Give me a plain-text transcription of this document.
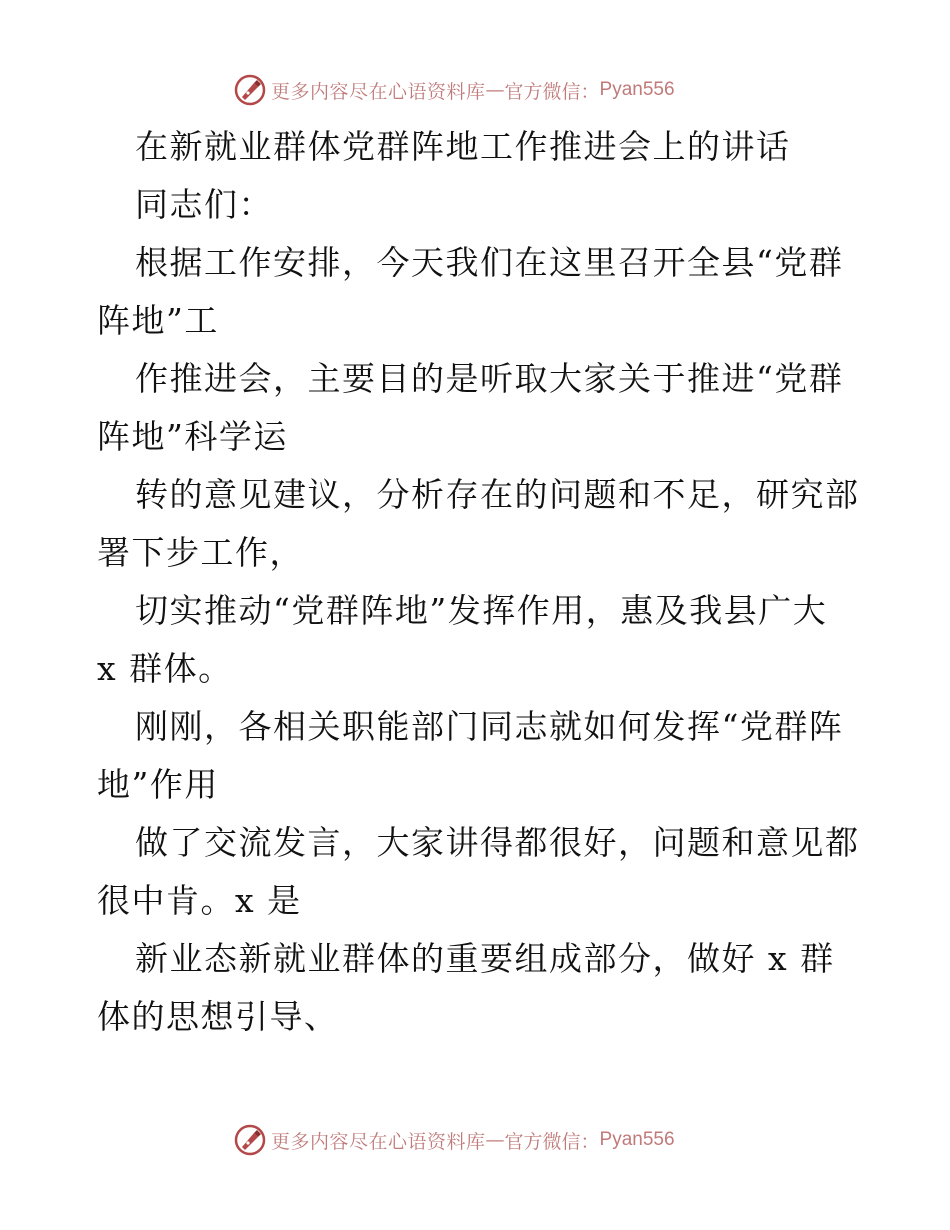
更多内容尽在心语资料库 — 官方微信： Pyan556
在新就业群体党群阵地工作推进会上的讲话
同志们：
根据工作安排，今天我们在这里召开全县“党群
阵地”工
作推进会，主要目的是听取大家关于推进“党群
阵地”科学运
转的意见建议，分析存在的问题和不足，研究部
署下步工作，
切实推动“党群阵地”发挥作用，惠及我县广大
x 群体。
刚刚，各相关职能部门同志就如何发挥“党群阵
地”作用
做了交流发言，大家讲得都很好，问题和意见都
很中肯。x 是
新业态新就业群体的重要组成部分，做好 x 群
体的思想引导、
更多内容尽在心语资料库 — 官方微信： Pyan556
